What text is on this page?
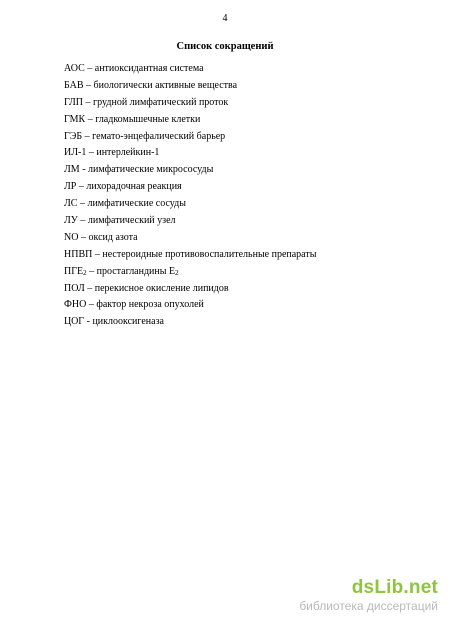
4
Список сокращений
АОС – антиоксидантная система
БАВ – биологически активные вещества
ГЛП – грудной лимфатический проток
ГМК – гладкомышечные клетки
ГЭБ – гемато-энцефалический барьер
ИЛ-1 – интерлейкин-1
ЛМ - лимфатические микрососуды
ЛР – лихорадочная реакция
ЛС – лимфатические сосуды
ЛУ – лимфатический узел
NO – оксид азота
НПВП – нестероидные противовоспалительные препараты
$ПГЕ_2$ – простагландины $Е_2$
ПОЛ – перекисное окисление липидов
ФНО – фактор некроза опухолей
ЦОГ - циклооксигеназа
dsLib.net
библиотека диссертаций
